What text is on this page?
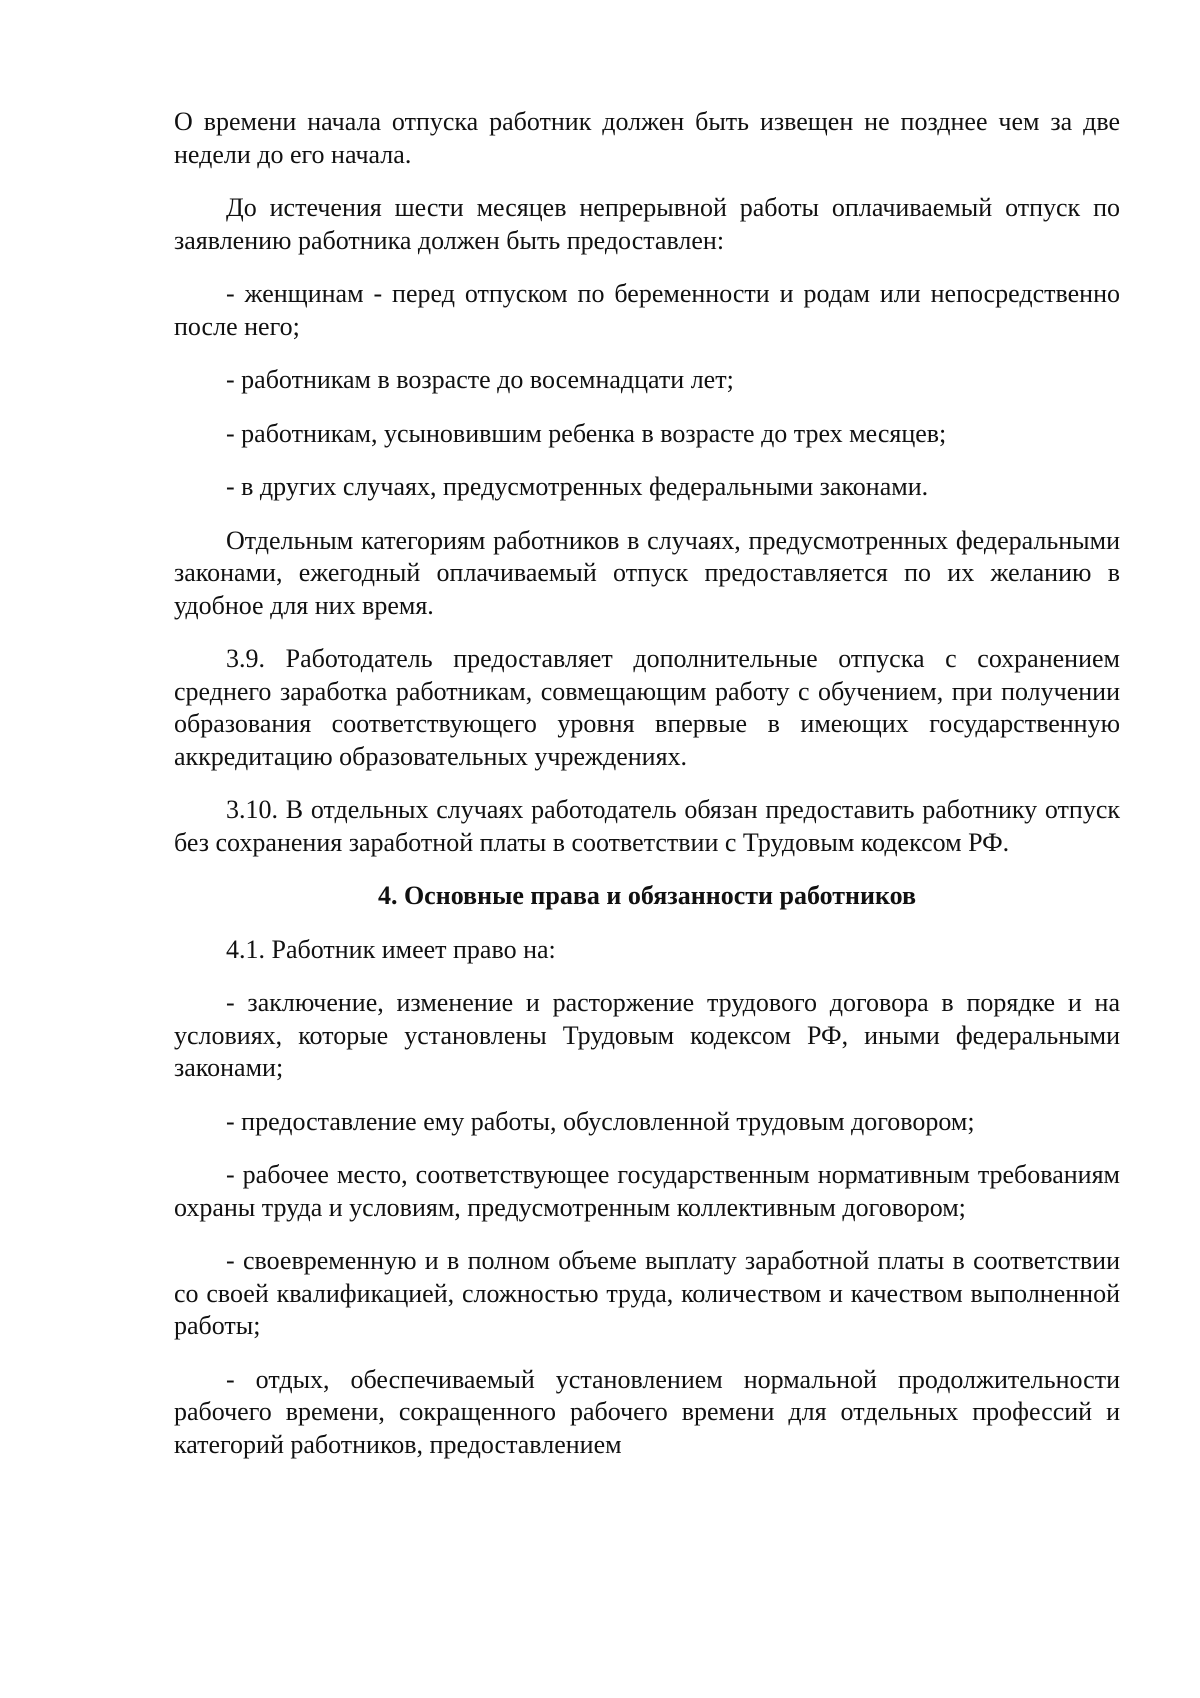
О времени начала отпуска работник должен быть извещен не позднее чем за две недели до его начала.

До истечения шести месяцев непрерывной работы оплачиваемый отпуск по заявлению работника должен быть предоставлен:

- женщинам - перед отпуском по беременности и родам или непосредственно после него;

- работникам в возрасте до восемнадцати лет;

- работникам, усыновившим ребенка в возрасте до трех месяцев;

- в других случаях, предусмотренных федеральными законами.

Отдельным категориям работников в случаях, предусмотренных федеральными законами, ежегодный оплачиваемый отпуск предоставляется по их желанию в удобное для них время.

3.9. Работодатель предоставляет дополнительные отпуска с сохранением среднего заработка работникам, совмещающим работу с обучением, при получении образования соответствующего уровня впервые в имеющих государственную аккредитацию образовательных учреждениях.

3.10. В отдельных случаях работодатель обязан предоставить работнику отпуск без сохранения заработной платы в соответствии с Трудовым кодексом РФ.

4. Основные права и обязанности работников

4.1. Работник имеет право на:

- заключение, изменение и расторжение трудового договора в порядке и на условиях, которые установлены Трудовым кодексом РФ, иными федеральными законами;

- предоставление ему работы, обусловленной трудовым договором;

- рабочее место, соответствующее государственным нормативным требованиям охраны труда и условиям, предусмотренным коллективным договором;

- своевременную и в полном объеме выплату заработной платы в соответствии со своей квалификацией, сложностью труда, количеством и качеством выполненной работы;

- отдых, обеспечиваемый установлением нормальной продолжительности рабочего времени, сокращенного рабочего времени для отдельных профессий и категорий работников, предоставлением
